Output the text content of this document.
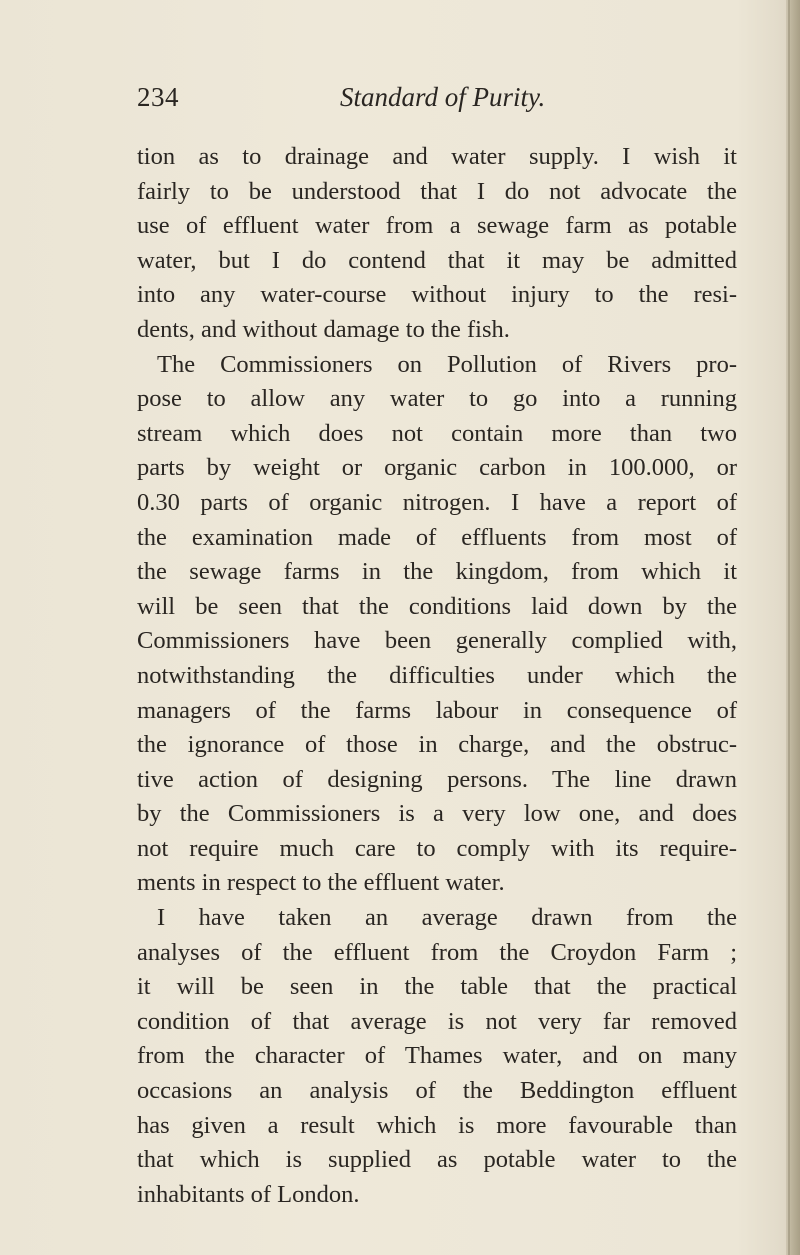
234	Standard of Purity.
tion as to drainage and water supply. I wish it
fairly to be understood that I do not advocate the
use of effluent water from a sewage farm as potable
water, but I do contend that it may be admitted
into any water-course without injury to the resi-
dents, and without damage to the fish.
The Commissioners on Pollution of Rivers pro-
pose to allow any water to go into a running
stream which does not contain more than two
parts by weight or organic carbon in 100.000, or
0.30 parts of organic nitrogen. I have a report of
the examination made of effluents from most of
the sewage farms in the kingdom, from which it
will be seen that the conditions laid down by the
Commissioners have been generally complied with,
notwithstanding the difficulties under which the
managers of the farms labour in consequence of
the ignorance of those in charge, and the obstruc-
tive action of designing persons. The line drawn
by the Commissioners is a very low one, and does
not require much care to comply with its require-
ments in respect to the effluent water.
I have taken an average drawn from the
analyses of the effluent from the Croydon Farm ;
it will be seen in the table that the practical
condition of that average is not very far removed
from the character of Thames water, and on many
occasions an analysis of the Beddington effluent
has given a result which is more favourable than
that which is supplied as potable water to the
inhabitants of London.
